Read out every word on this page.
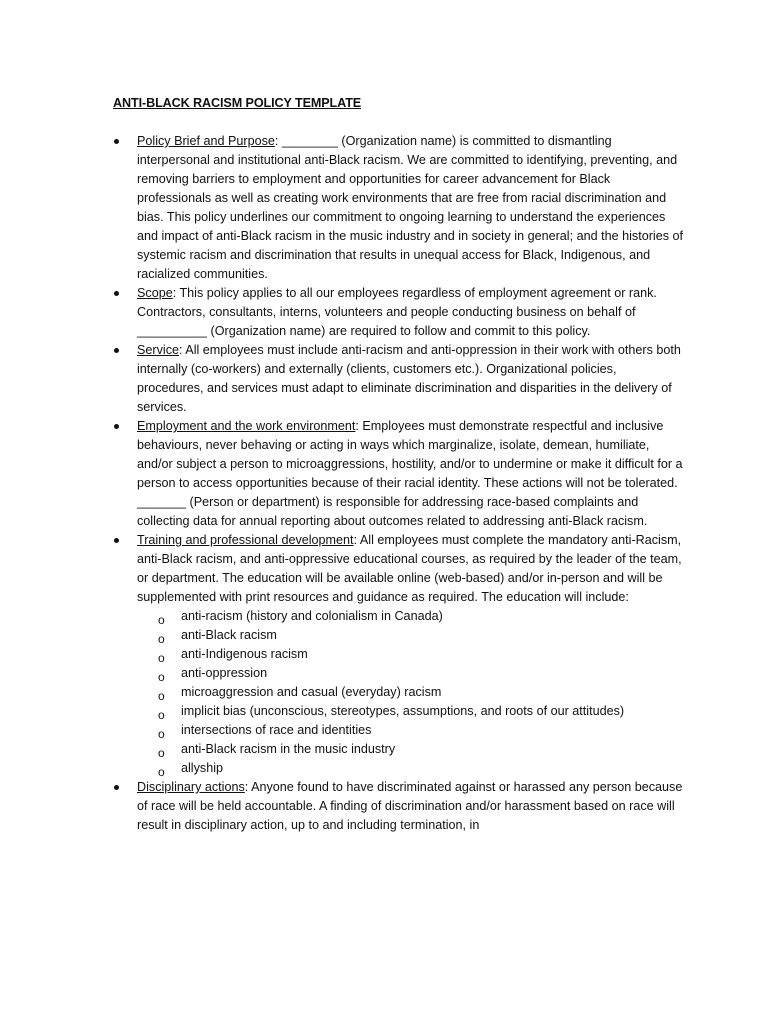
ANTI-BLACK RACISM POLICY TEMPLATE
Policy Brief and Purpose: ________ (Organization name) is committed to dismantling interpersonal and institutional anti-Black racism. We are committed to identifying, preventing, and removing barriers to employment and opportunities for career advancement for Black professionals as well as creating work environments that are free from racial discrimination and bias. This policy underlines our commitment to ongoing learning to understand the experiences and impact of anti-Black racism in the music industry and in society in general; and the histories of systemic racism and discrimination that results in unequal access for Black, Indigenous, and racialized communities.
Scope: This policy applies to all our employees regardless of employment agreement or rank. Contractors, consultants, interns, volunteers and people conducting business on behalf of __________ (Organization name) are required to follow and commit to this policy.
Service: All employees must include anti-racism and anti-oppression in their work with others both internally (co-workers) and externally (clients, customers etc.). Organizational policies, procedures, and services must adapt to eliminate discrimination and disparities in the delivery of services.
Employment and the work environment: Employees must demonstrate respectful and inclusive behaviours, never behaving or acting in ways which marginalize, isolate, demean, humiliate, and/or subject a person to microaggressions, hostility, and/or to undermine or make it difficult for a person to access opportunities because of their racial identity. These actions will not be tolerated. _______ (Person or department) is responsible for addressing race-based complaints and collecting data for annual reporting about outcomes related to addressing anti-Black racism.
Training and professional development: All employees must complete the mandatory anti-Racism, anti-Black racism, and anti-oppressive educational courses, as required by the leader of the team, or department. The education will be available online (web-based) and/or in-person and will be supplemented with print resources and guidance as required. The education will include:
o anti-racism (history and colonialism in Canada)
o anti-Black racism
o anti-Indigenous racism
o anti-oppression
o microaggression and casual (everyday) racism
o implicit bias (unconscious, stereotypes, assumptions, and roots of our attitudes)
o intersections of race and identities
o anti-Black racism in the music industry
o allyship
Disciplinary actions: Anyone found to have discriminated against or harassed any person because of race will be held accountable. A finding of discrimination and/or harassment based on race will result in disciplinary action, up to and including termination, in
